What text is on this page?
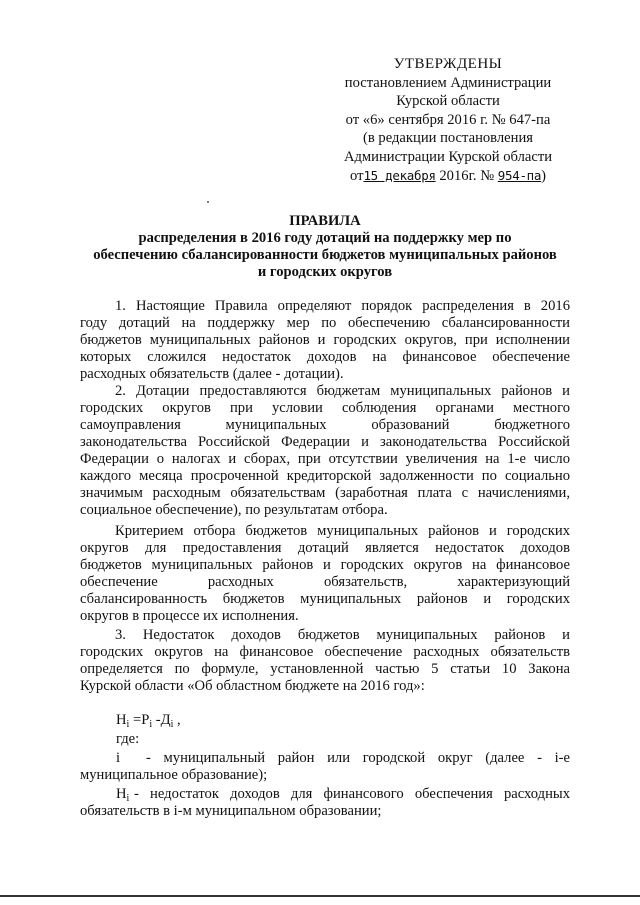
УТВЕРЖДЕНЫ
постановлением Администрации
Курской области
от «6» сентября 2016 г. № 647-па
(в редакции постановления
Администрации Курской области
от15 декабря 2016г. № 954-па)
ПРАВИЛА
распределения в 2016 году дотаций на поддержку мер по
обеспечению сбалансированности бюджетов муниципальных районов
и городских округов
1. Настоящие Правила определяют порядок распределения в 2016
году дотаций на поддержку мер по обеспечению сбалансированности
бюджетов муниципальных районов и городских округов, при исполнении
которых сложился недостаток доходов на финансовое обеспечение
расходных обязательств (далее - дотации).
2. Дотации предоставляются бюджетам муниципальных районов и
городских округов при условии соблюдения органами местного
самоуправления муниципальных образований бюджетного
законодательства Российской Федерации и законодательства Российской
Федерации о налогах и сборах, при отсутствии увеличения на 1-е число
каждого месяца просроченной кредиторской задолженности по социально
значимым расходным обязательствам (заработная плата с начислениями,
социальное обеспечение), по результатам отбора.
Критерием отбора бюджетов муниципальных районов и городских
округов для предоставления дотаций является недостаток доходов
бюджетов муниципальных районов и городских округов на финансовое
обеспечение расходных обязательств, характеризующий
сбалансированность бюджетов муниципальных районов и городских
округов в процессе их исполнения.
3. Недостаток доходов бюджетов муниципальных районов и
городских округов на финансовое обеспечение расходных обязательств
определяется по формуле, установленной частью 5 статьи 10 Закона
Курской области «Об областном бюджете на 2016 год»:
$Н_i =Р_i$ $-Д_i$ ,
где:
i - муниципальный район или городской округ (далее - i-е
муниципальное образование);
$Н_i$ - недостаток доходов для финансового обеспечения расходных
обязательств в i-м муниципальном образовании;
